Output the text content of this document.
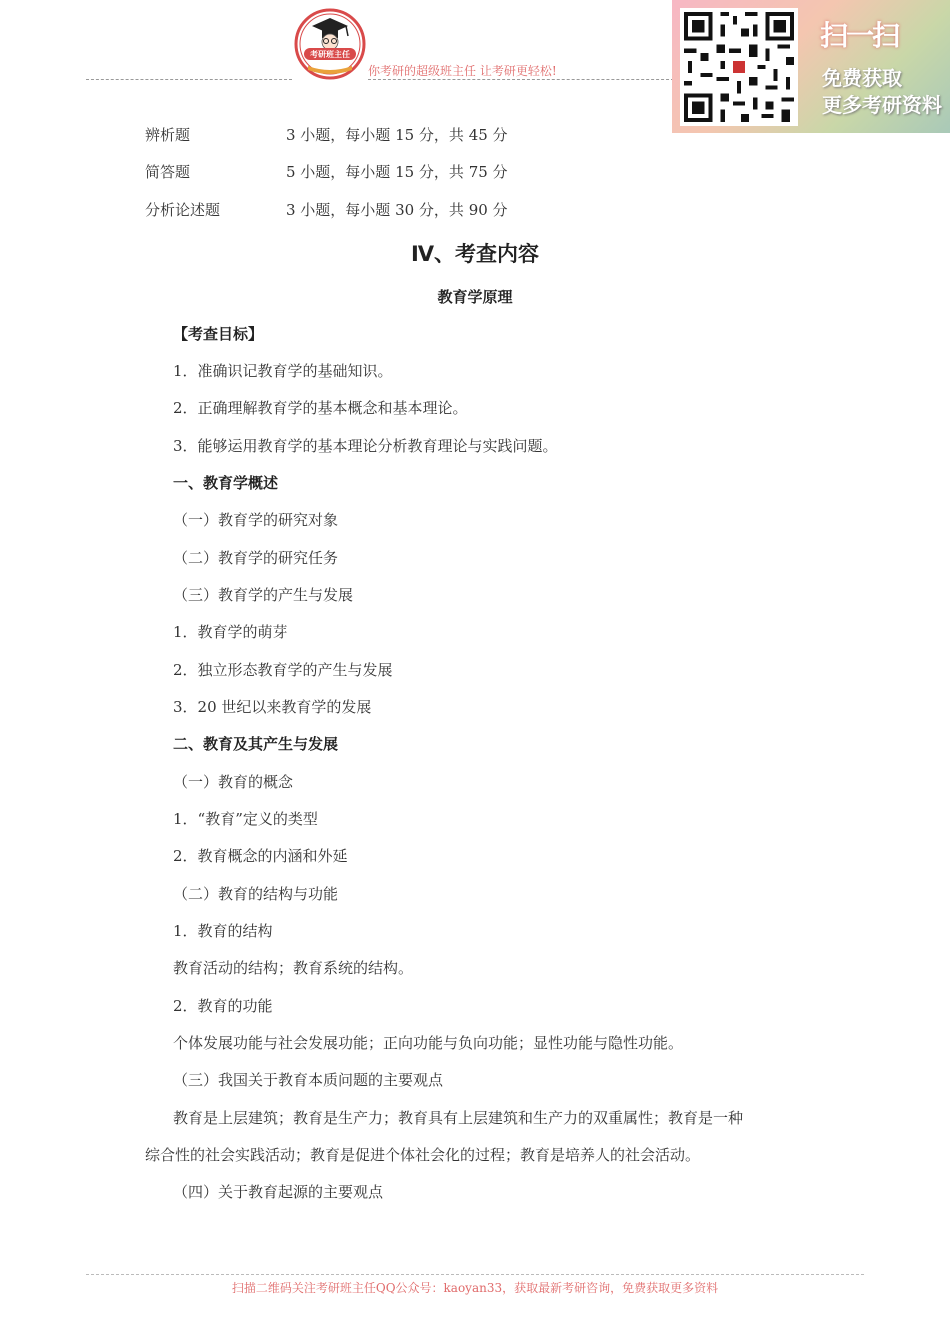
考研班主任
你考研的超级班主任 让考研更轻松!
扫一扫
免费获取
更多考研资料
辨析题	3 小题，每小题 15 分，共 45 分
简答题	5 小题，每小题 15 分，共 75 分
分析论述题	3 小题，每小题 30 分，共 90 分
Ⅳ、考查内容
教育学原理
【考查目标】
1．准确识记教育学的基础知识。
2．正确理解教育学的基本概念和基本理论。
3．能够运用教育学的基本理论分析教育理论与实践问题。
一、教育学概述
（一）教育学的研究对象
（二）教育学的研究任务
（三）教育学的产生与发展
1．教育学的萌芽
2．独立形态教育学的产生与发展
3．20 世纪以来教育学的发展
二、教育及其产生与发展
（一）教育的概念
1．“教育”定义的类型
2．教育概念的内涵和外延
（二）教育的结构与功能
1．教育的结构
教育活动的结构；教育系统的结构。
2．教育的功能
个体发展功能与社会发展功能；正向功能与负向功能；显性功能与隐性功能。
（三）我国关于教育本质问题的主要观点
教育是上层建筑；教育是生产力；教育具有上层建筑和生产力的双重属性；教育是一种
综合性的社会实践活动；教育是促进个体社会化的过程；教育是培养人的社会活动。
（四）关于教育起源的主要观点
扫描二维码关注考研班主任QQ公众号：kaoyan33，获取最新考研咨询，免费获取更多资料
